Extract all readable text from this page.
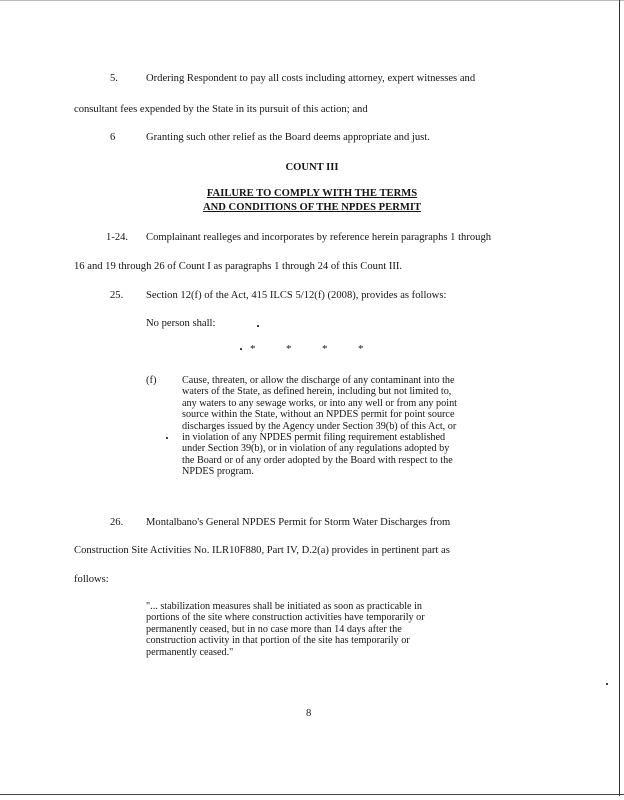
5.	Ordering Respondent to pay all costs including attorney, expert witnesses and
consultant fees expended by the State in its pursuit of this action; and
6	Granting such other relief as the Board deems appropriate and just.
COUNT III
FAILURE TO COMPLY WITH THE TERMS
AND CONDITIONS OF THE NPDES PERMIT
1-24. Complainant realleges and incorporates by reference herein paragraphs 1 through
16 and 19 through 26 of Count I as paragraphs 1 through 24 of this Count III.
25. Section 12(f) of the Act, 415 ILCS 5/12(f) (2008), provides as follows:
No person shall:
*	*	*	*
(f) Cause, threaten, or allow the discharge of any contaminant into the
waters of the State, as defined herein, including but not limited to,
any waters to any sewage works, or into any well or from any point
source within the State, without an NPDES permit for point source
discharges issued by the Agency under Section 39(b) of this Act, or
in violation of any NPDES permit filing requirement established
under Section 39(b), or in violation of any regulations adopted by
the Board or of any order adopted by the Board with respect to the
NPDES program.
26. Montalbano's General NPDES Permit for Storm Water Discharges from
Construction Site Activities No. ILR10F880, Part IV, D.2(a) provides in pertinent part as
follows:
"... stabilization measures shall be initiated as soon as practicable in
portions of the site where construction activities have temporarily or
permanently ceased, but in no case more than 14 days after the
construction activity in that portion of the site has temporarily or
permanently ceased."
8
